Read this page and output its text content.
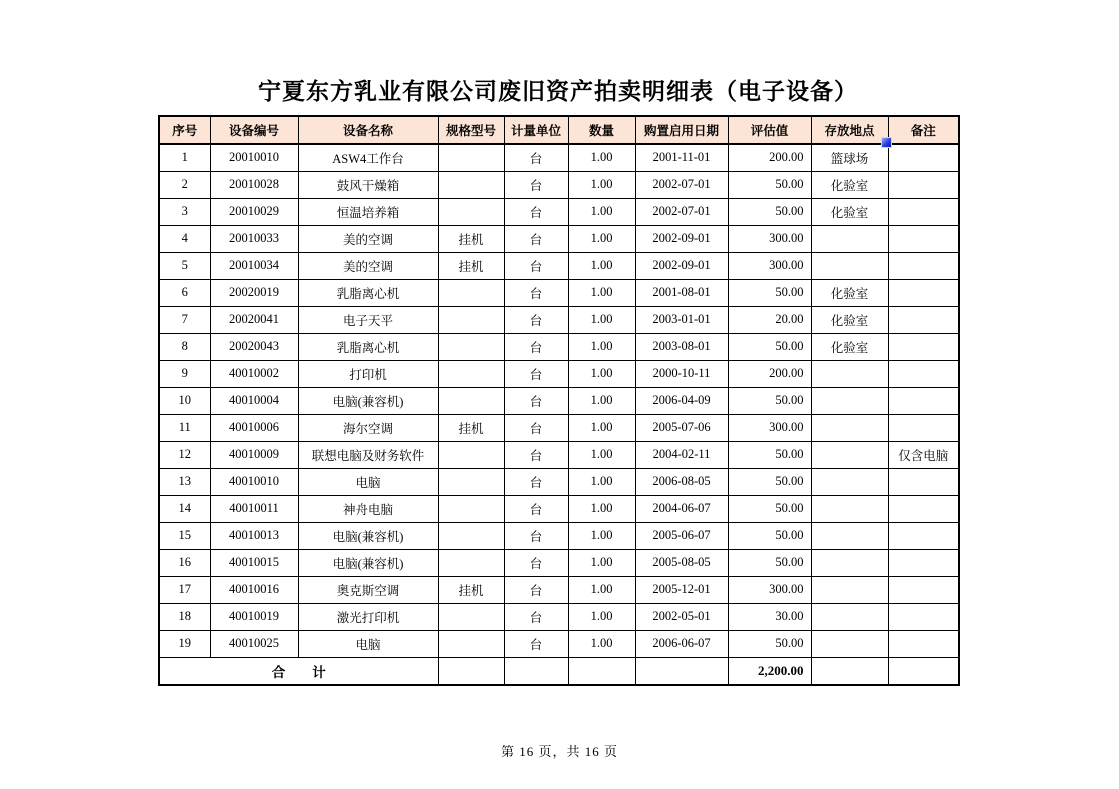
宁夏东方乳业有限公司废旧资产拍卖明细表（电子设备）
序号	设备编号	设备名称	规格型号	计量单位	数量	购置启用日期	评估值	存放地点	备注
1	20010010	ASW4工作台		台	1.00	2001-11-01	200.00	篮球场	
2	20010028	鼓风干燥箱		台	1.00	2002-07-01	50.00	化验室	
3	20010029	恒温培养箱		台	1.00	2002-07-01	50.00	化验室	
4	20010033	美的空调	挂机	台	1.00	2002-09-01	300.00		
5	20010034	美的空调	挂机	台	1.00	2002-09-01	300.00		
6	20020019	乳脂离心机		台	1.00	2001-08-01	50.00	化验室	
7	20020041	电子天平		台	1.00	2003-01-01	20.00	化验室	
8	20020043	乳脂离心机		台	1.00	2003-08-01	50.00	化验室	
9	40010002	打印机		台	1.00	2000-10-11	200.00		
10	40010004	电脑(兼容机)		台	1.00	2006-04-09	50.00		
11	40010006	海尔空调	挂机	台	1.00	2005-07-06	300.00		
12	40010009	联想电脑及财务软件		台	1.00	2004-02-11	50.00		仅含电脑
13	40010010	电脑		台	1.00	2006-08-05	50.00		
14	40010011	神舟电脑		台	1.00	2004-06-07	50.00		
15	40010013	电脑(兼容机)		台	1.00	2005-06-07	50.00		
16	40010015	电脑(兼容机)		台	1.00	2005-08-05	50.00		
17	40010016	奥克斯空调	挂机	台	1.00	2005-12-01	300.00		
18	40010019	激光打印机		台	1.00	2002-05-01	30.00		
19	40010025	电脑		台	1.00	2006-06-07	50.00		
合　　计							2,200.00		
第 16 页，共 16 页
